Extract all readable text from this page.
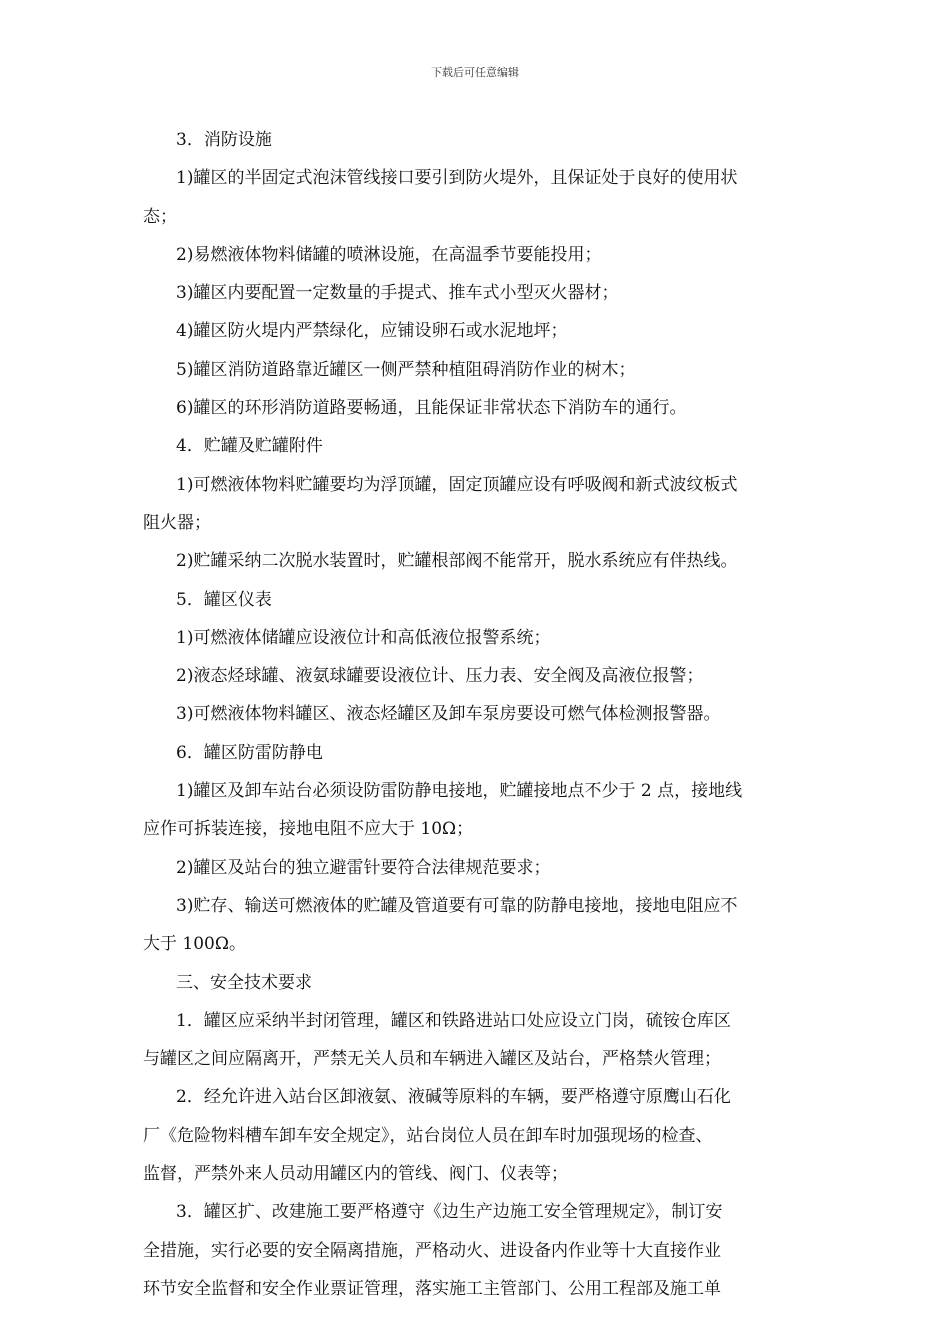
下载后可任意编辑
3．消防设施
1)罐区的半固定式泡沫管线接口要引到防火堤外，且保证处于良好的使用状
态；
2)易燃液体物料储罐的喷淋设施，在高温季节要能投用；
3)罐区内要配置一定数量的手提式、推车式小型灭火器材；
4)罐区防火堤内严禁绿化，应铺设卵石或水泥地坪；
5)罐区消防道路靠近罐区一侧严禁种植阻碍消防作业的树木；
6)罐区的环形消防道路要畅通，且能保证非常状态下消防车的通行。
4．贮罐及贮罐附件
1)可燃液体物料贮罐要均为浮顶罐，固定顶罐应设有呼吸阀和新式波纹板式
阻火器；
2)贮罐采纳二次脱水装置时，贮罐根部阀不能常开，脱水系统应有伴热线。
5．罐区仪表
1)可燃液体储罐应设液位计和高低液位报警系统；
2)液态烃球罐、液氨球罐要设液位计、压力表、安全阀及高液位报警；
3)可燃液体物料罐区、液态烃罐区及卸车泵房要设可燃气体检测报警器。
6．罐区防雷防静电
1)罐区及卸车站台必须设防雷防静电接地，贮罐接地点不少于 2 点，接地线
应作可拆装连接，接地电阻不应大于 10Ω；
2)罐区及站台的独立避雷针要符合法律规范要求；
3)贮存、输送可燃液体的贮罐及管道要有可靠的防静电接地，接地电阻应不
大于 100Ω。
三、安全技术要求
1．罐区应采纳半封闭管理，罐区和铁路进站口处应设立门岗，硫铵仓库区
与罐区之间应隔离开，严禁无关人员和车辆进入罐区及站台，严格禁火管理；
2．经允许进入站台区卸液氨、液碱等原料的车辆，要严格遵守原鹰山石化
厂《危险物料槽车卸车安全规定》，站台岗位人员在卸车时加强现场的检查、
监督，严禁外来人员动用罐区内的管线、阀门、仪表等；
3．罐区扩、改建施工要严格遵守《边生产边施工安全管理规定》，制订安
全措施，实行必要的安全隔离措施，严格动火、进设备内作业等十大直接作业
环节安全监督和安全作业票证管理，落实施工主管部门、公用工程部及施工单
